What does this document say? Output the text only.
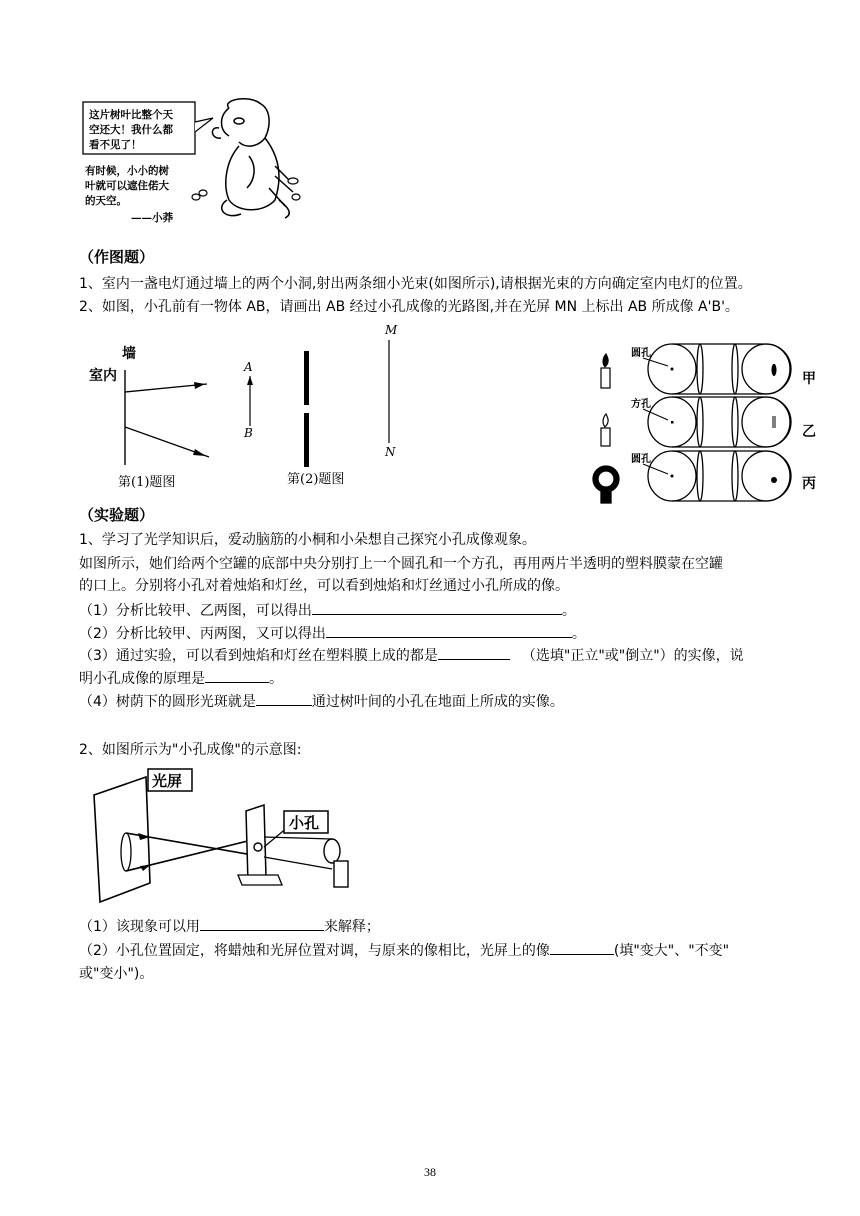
这片树叶比整个天
空还大！我什么都
看不见了！
有时候，小小的树
叶就可以遮住偌大
的天空。
——小莽
（作图题）
1、室内一盏电灯通过墙上的两个小洞,射出两条细小光束(如图所示),请根据光束的方向确定室内电灯的位置。
2、如图，小孔前有一物体 AB，请画出 AB 经过小孔成像的光路图,并在光屏 MN 上标出 AB 所成像 A'B'。
墙
室内
第(1)题图
A
B
M
N
第(2)题图
圆孔
方孔
圆孔
甲
乙
丙
（实验题）
1、学习了光学知识后，爱动脑筋的小桐和小朵想自己探究小孔成像观象。
如图所示，她们给两个空罐的底部中央分别打上一个圆孔和一个方孔，再用两片半透明的塑料膜蒙在空罐
的口上。分别将小孔对着烛焰和灯丝，可以看到烛焰和灯丝通过小孔所成的像。
（1）分析比较甲、乙两图，可以得出	。
（2）分析比较甲、丙两图，又可以得出	。
（3）通过实验，可以看到烛焰和灯丝在塑料膜上成的都是	（选填"正立"或"倒立"）的实像，说
明小孔成像的原理是	。
（4）树荫下的圆形光斑就是	通过树叶间的小孔在地面上所成的实像。
2、如图所示为"小孔成像"的示意图:
光屏
小孔
（1）该现象可以用	来解释；
（2）小孔位置固定，将蜡烛和光屏位置对调，与原来的像相比，光屏上的像	(填"变大"、"不变"
或"变小")。
38
